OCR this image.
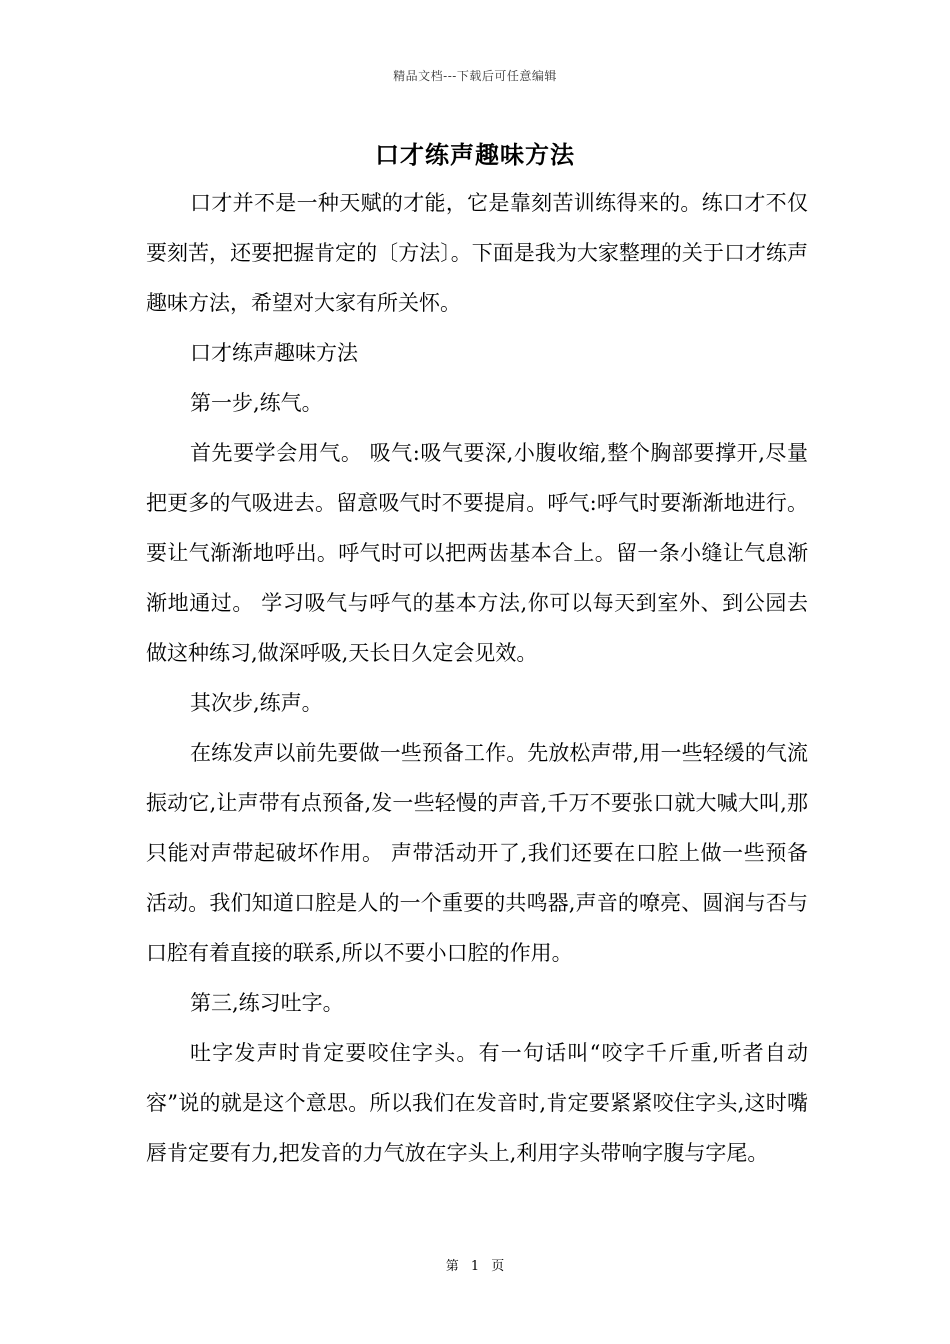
精品文档---下载后可任意编辑
口才练声趣味方法

口才并不是一种天赋的才能，它是靠刻苦训练得来的。练口才不仅要刻苦，还要把握肯定的〔方法〕。下面是我为大家整理的关于口才练声趣味方法，希望对大家有所关怀。

口才练声趣味方法

第一步,练气。

首先要学会用气。 吸气:吸气要深,小腹收缩,整个胸部要撑开,尽量把更多的气吸进去。留意吸气时不要提肩。呼气:呼气时要渐渐地进行。要让气渐渐地呼出。呼气时可以把两齿基本合上。留一条小缝让气息渐渐地通过。 学习吸气与呼气的基本方法,你可以每天到室外、到公园去做这种练习,做深呼吸,天长日久定会见效。

其次步,练声。

在练发声以前先要做一些预备工作。先放松声带,用一些轻缓的气流振动它,让声带有点预备,发一些轻慢的声音,千万不要张口就大喊大叫,那只能对声带起破坏作用。 声带活动开了,我们还要在口腔上做一些预备活动。我们知道口腔是人的一个重要的共鸣器,声音的嘹亮、圆润与否与口腔有着直接的联系,所以不要小口腔的作用。

第三,练习吐字。

吐字发声时肯定要咬住字头。有一句话叫“咬字千斤重,听者自动容”说的就是这个意思。所以我们在发音时,肯定要紧紧咬住字头,这时嘴唇肯定要有力,把发音的力气放在字头上,利用字头带响字腹与字尾。

第 1 页
